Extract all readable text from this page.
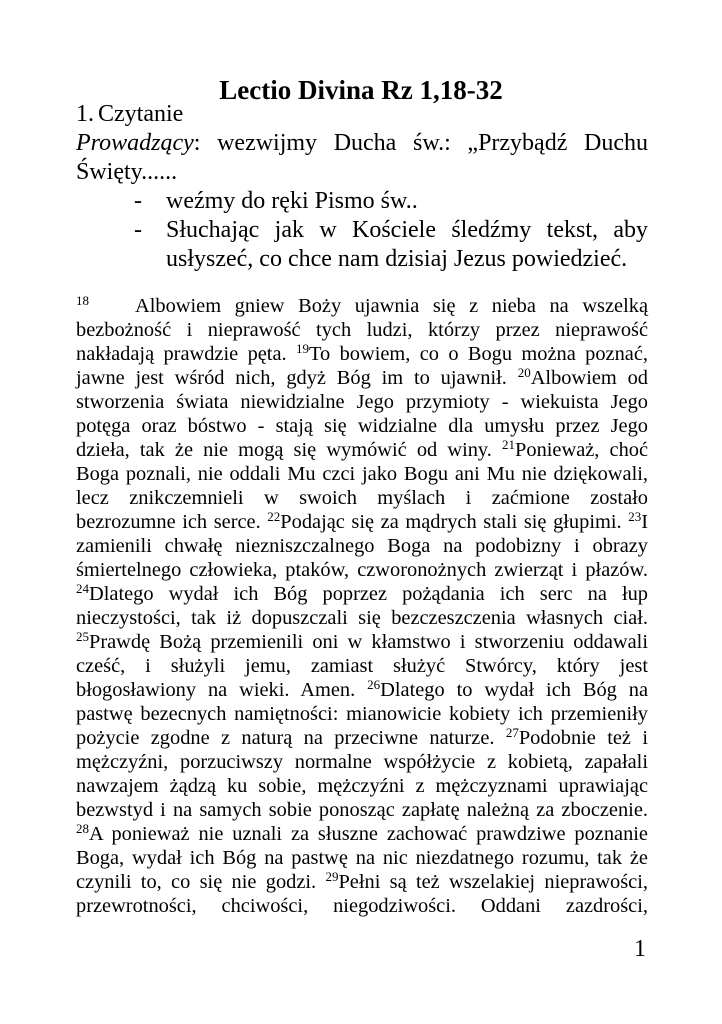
Lectio Divina Rz 1,18-32
1. Czytanie

Prowadzący: wezwijmy Ducha św.: „Przybądź Duchu Święty......

- weźmy do ręki Pismo św..
- Słuchając jak w Kościele śledźmy tekst, aby usłyszeć, co chce nam dzisiaj Jezus powiedzieć.
18 Albowiem gniew Boży ujawnia się z nieba na wszelką
bezbożność i nieprawość tych ludzi, którzy przez nieprawość
nakładają prawdzie pęta. $^{19}$To bowiem, co o Bogu można poznać,
jawne jest wśród nich, gdyż Bóg im to ujawnił. $^{20}$Albowiem od
stworzenia świata niewidzialne Jego przymioty - wiekuista Jego
potęga oraz bóstwo - stają się widzialne dla umysłu przez Jego
dzieła, tak że nie mogą się wymówić od winy. $^{21}$Ponieważ, choć
Boga poznali, nie oddali Mu czci jako Bogu ani Mu nie dziękowali,
lecz znikczemnieli w swoich myślach i zaćmione zostało
bezrozumne ich serce. $^{22}$Podając się za mądrych stali się głupimi. $^{23}$I
zamienili chwałę niezniszczalnego Boga na podobizny i obrazy
śmiertelnego człowieka, ptaków, czworonożnych zwierząt i płazów.
$^{24}$Dlatego wydał ich Bóg poprzez pożądania ich serc na łup
nieczystości, tak iż dopuszczali się bezczeszczenia własnych ciał.
$^{25}$Prawdę Bożą przemienili oni w kłamstwo i stworzeniu oddawali
cześć, i służyli jemu, zamiast służyć Stwórcy, który jest
błogosławiony na wieki. Amen. $^{26}$Dlatego to wydał ich Bóg na
pastwę bezecnych namiętności: mianowicie kobiety ich przemieniły
pożycie zgodne z naturą na przeciwne naturze. $^{27}$Podobnie też i
mężczyźni, porzuciwszy normalne współżycie z kobietą, zapałali
nawzajem żądzą ku sobie, mężczyźni z mężczyznami uprawiając
bezwstyd i na samych sobie ponosząc zapłatę należną za zboczenie.
$^{28}$A ponieważ nie uznali za słuszne zachować prawdziwe poznanie
Boga, wydał ich Bóg na pastwę na nic niezdatnego rozumu, tak że
czynili to, co się nie godzi. $^{29}$Pełni są też wszelakiej nieprawości,
przewrotności, chciwości, niegodziwości. Oddani zazdrości,
1
